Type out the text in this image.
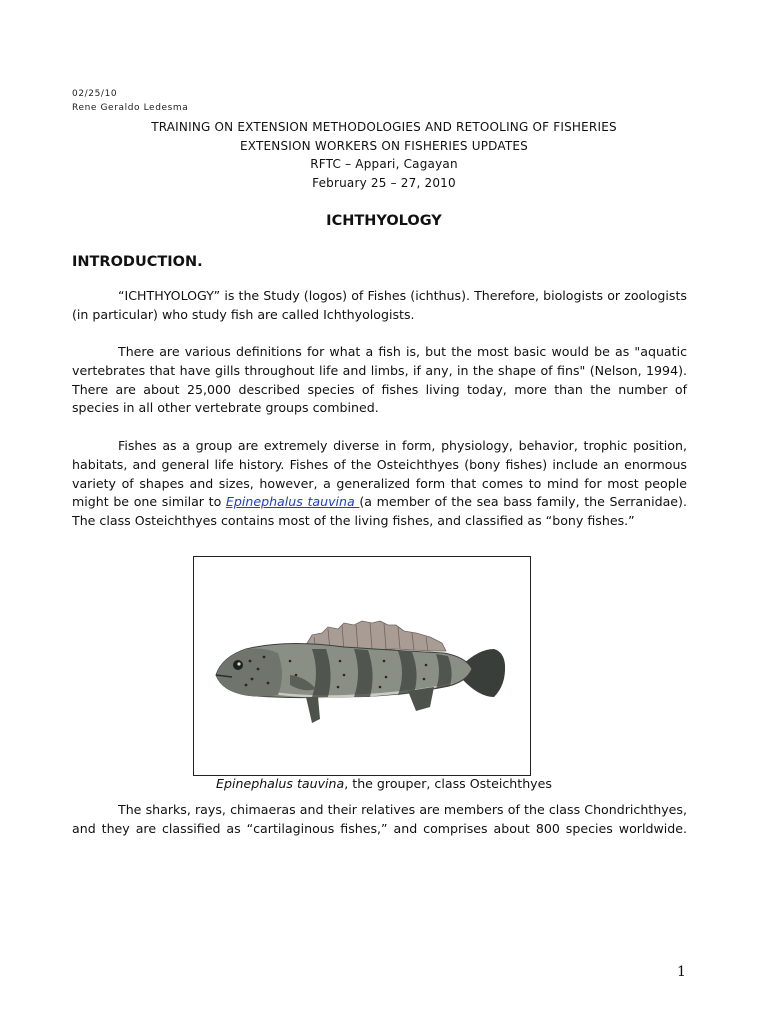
02/25/10
Rene Geraldo Ledesma
TRAINING ON EXTENSION METHODOLOGIES AND RETOOLING OF FISHERIES
EXTENSION WORKERS ON FISHERIES UPDATES
RFTC – Appari, Cagayan
February 25 – 27, 2010
ICHTHYOLOGY
INTRODUCTION.

“ICHTHYOLOGY” is the Study (logos) of Fishes (ichthus). Therefore, biologists or zoologists (in particular) who study fish are called Ichthyologists.

There are various definitions for what a fish is, but the most basic would be as "aquatic vertebrates that have gills throughout life and limbs, if any, in the shape of fins" (Nelson, 1994). There are about 25,000 described species of fishes living today, more than the number of species in all other vertebrate groups combined.

Fishes as a group are extremely diverse in form, physiology, behavior, trophic position, habitats, and general life history. Fishes of the Osteichthyes (bony fishes) include an enormous variety of shapes and sizes, however, a generalized form that comes to mind for most people might be one similar to Epinephalus tauvina (a member of the sea bass family, the Serranidae). The class Osteichthyes contains most of the living fishes, and classified as “bony fishes.”

Epinephalus tauvina, the grouper, class Osteichthyes

The sharks, rays, chimaeras and their relatives are members of the class Chondrichthyes, and they are classified as “cartilaginous fishes,” and comprises about 800 species worldwide.

1
